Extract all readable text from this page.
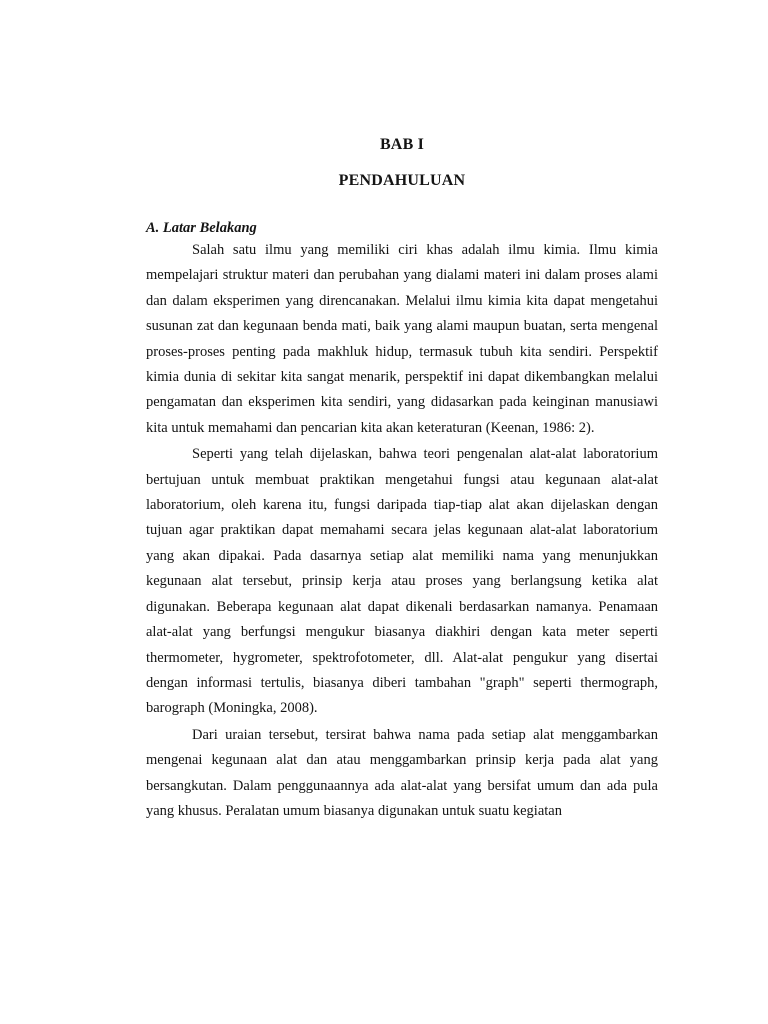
BAB I
PENDAHULUAN
A. Latar Belakang

Salah satu ilmu yang memiliki ciri khas adalah ilmu kimia. Ilmu kimia mempelajari struktur materi dan perubahan yang dialami materi ini dalam proses alami dan dalam eksperimen yang direncanakan. Melalui ilmu kimia kita dapat mengetahui susunan zat dan kegunaan benda mati, baik yang alami maupun buatan, serta mengenal proses-proses penting pada makhluk hidup, termasuk tubuh kita sendiri. Perspektif kimia dunia di sekitar kita sangat menarik, perspektif ini dapat dikembangkan melalui pengamatan dan eksperimen kita sendiri, yang didasarkan pada keinginan manusiawi kita untuk memahami dan pencarian kita akan keteraturan (Keenan, 1986: 2).

Seperti yang telah dijelaskan, bahwa teori pengenalan alat-alat laboratorium bertujuan untuk membuat praktikan mengetahui fungsi atau kegunaan alat-alat laboratorium, oleh karena itu, fungsi daripada tiap-tiap alat akan dijelaskan dengan tujuan agar praktikan dapat memahami secara jelas kegunaan alat-alat laboratorium yang akan dipakai. Pada dasarnya setiap alat memiliki nama yang menunjukkan kegunaan alat tersebut, prinsip kerja atau proses yang berlangsung ketika alat digunakan. Beberapa kegunaan alat dapat dikenali berdasarkan namanya. Penamaan alat-alat yang berfungsi mengukur biasanya diakhiri dengan kata meter seperti thermometer, hygrometer, spektrofotometer, dll. Alat-alat pengukur yang disertai dengan informasi tertulis, biasanya diberi tambahan "graph" seperti thermograph, barograph (Moningka, 2008).

Dari uraian tersebut, tersirat bahwa nama pada setiap alat menggambarkan mengenai kegunaan alat dan atau menggambarkan prinsip kerja pada alat yang bersangkutan. Dalam penggunaannya ada alat-alat yang bersifat umum dan ada pula yang khusus. Peralatan umum biasanya digunakan untuk suatu kegiatan
